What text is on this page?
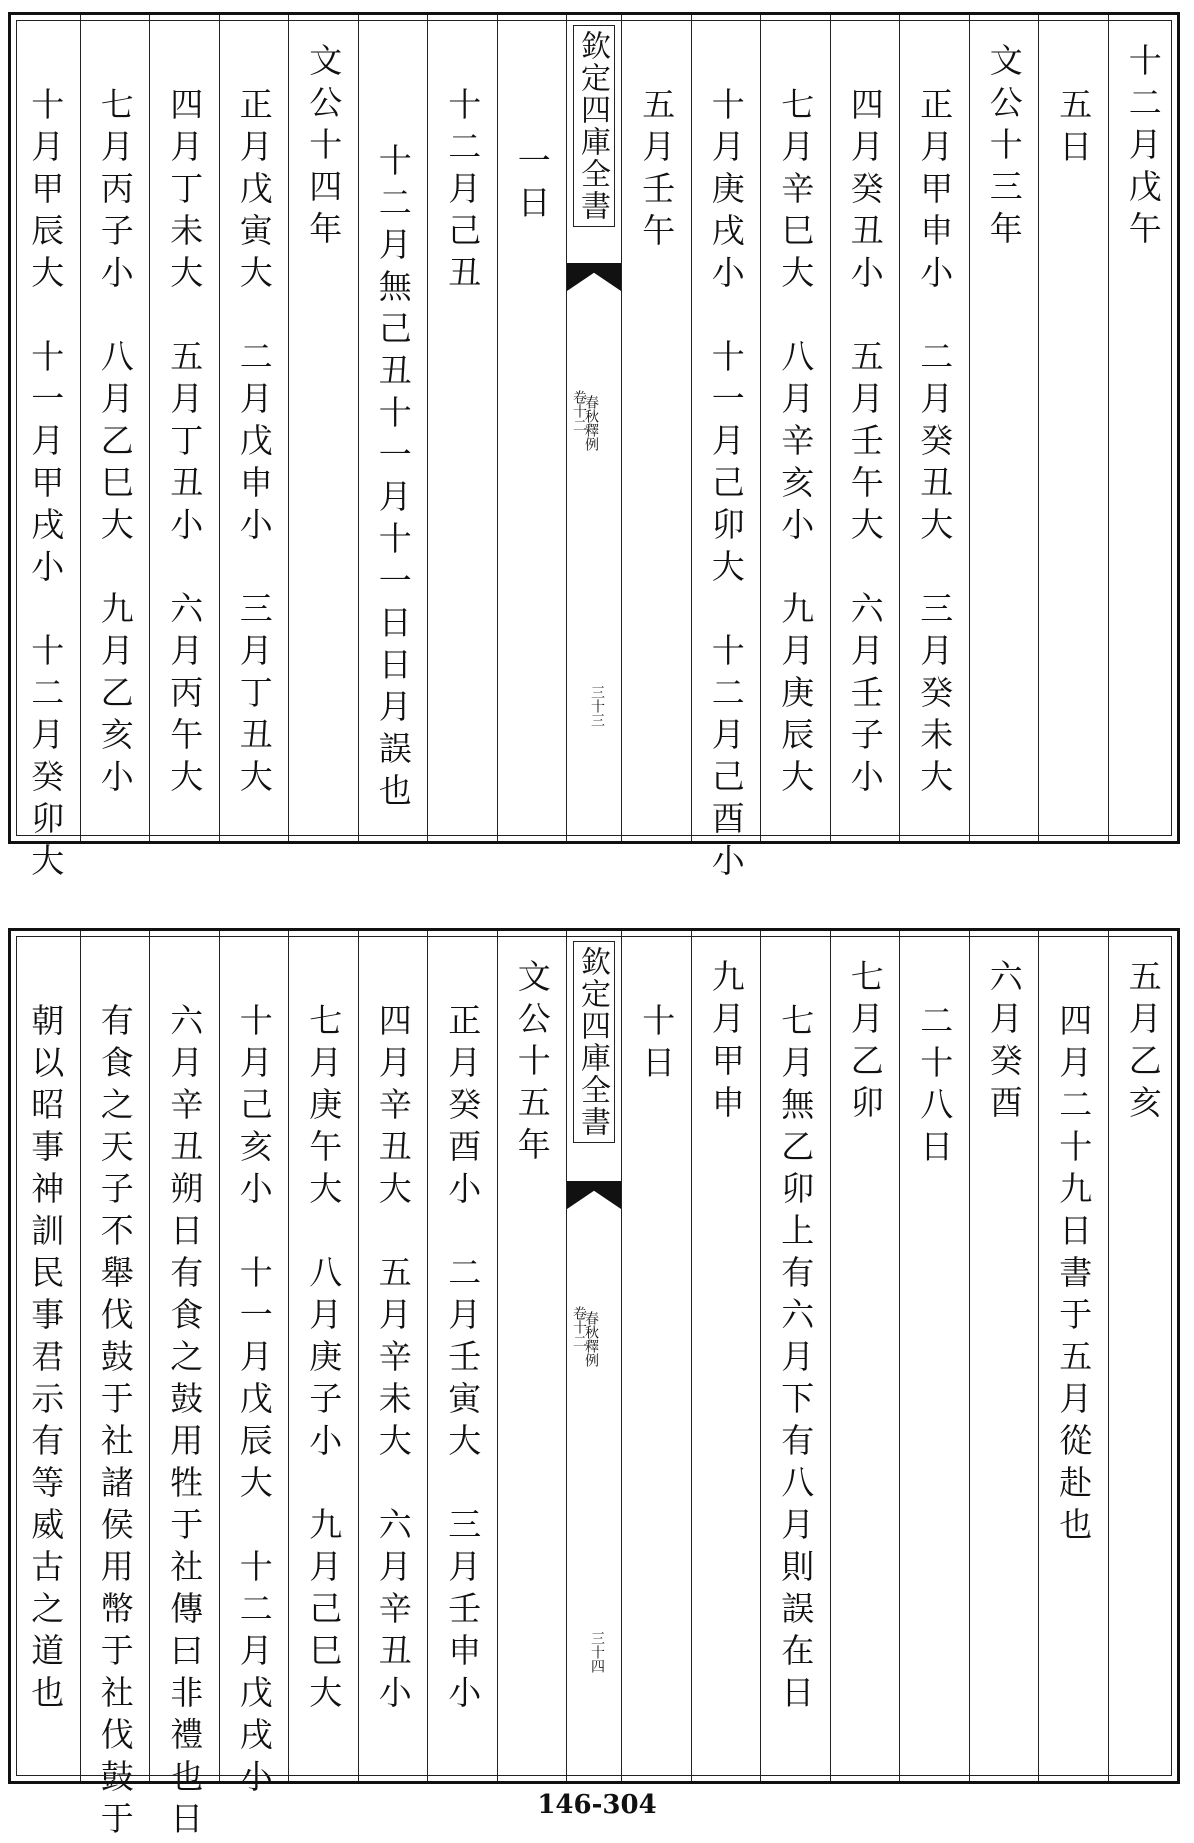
十二月戊午
五日
文公十三年
正月甲申小　二月癸丑大　三月癸未大
四月癸丑小　五月壬午大　六月壬子小
七月辛巳大　八月辛亥小　九月庚辰大
十月庚戌小　十一月己卯大　十二月己酉小
五月壬午
欽定四庫全書
春秋釋例
卷十二
三十三
一日
十二月己丑
十二月無己丑十一月十一日日月誤也
文公十四年
正月戊寅大　二月戊申小　三月丁丑大
四月丁未大　五月丁丑小　六月丙午大
七月丙子小　八月乙巳大　九月乙亥小
十月甲辰大　十一月甲戌小　十二月癸卯大
五月乙亥
四月二十九日書于五月從赴也
六月癸酉
二十八日
七月乙卯
七月無乙卯上有六月下有八月則誤在日
九月甲申
十日
欽定四庫全書
春秋釋例
卷十二
三十四
文公十五年
正月癸酉小　二月壬寅大　三月壬申小
四月辛丑大　五月辛未大　六月辛丑小
七月庚午大　八月庚子小　九月己巳大
十月己亥小　十一月戊辰大　十二月戊戌小
六月辛丑朔日有食之鼓用牲于社傳曰非禮也日
有食之天子不舉伐鼓于社諸侯用幣于社伐鼓于
朝以昭事神訓民事君示有等威古之道也
146-304
